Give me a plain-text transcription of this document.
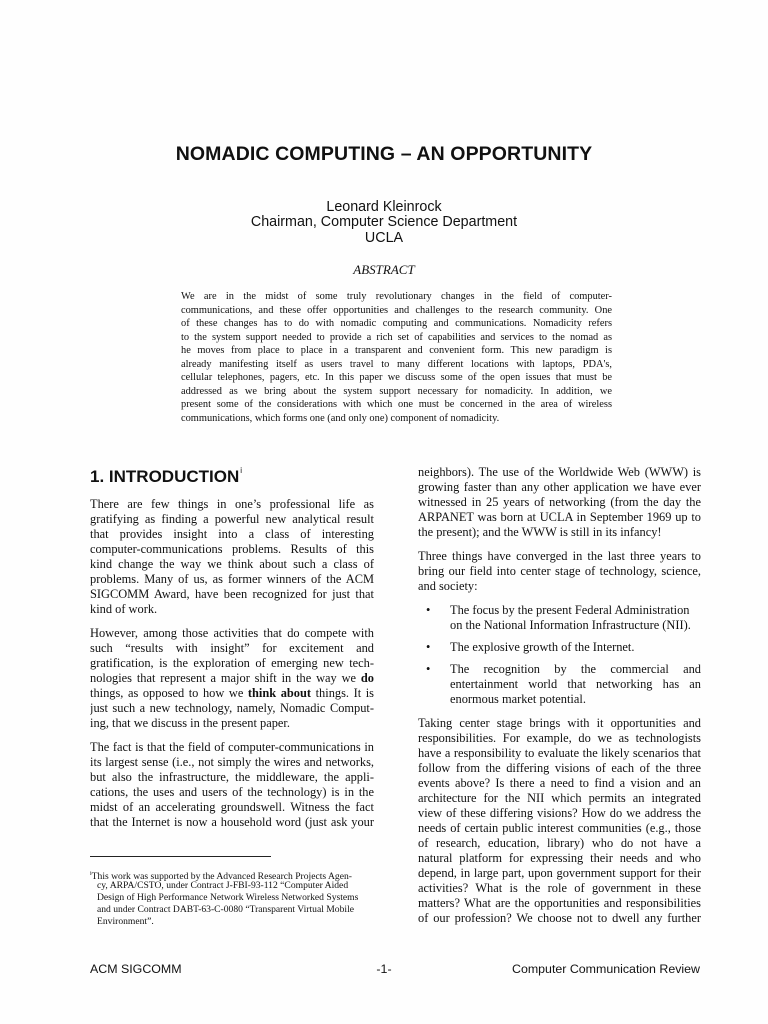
NOMADIC COMPUTING – AN OPPORTUNITY
Leonard Kleinrock
Chairman, Computer Science Department
UCLA
ABSTRACT
We are in the midst of some truly revolutionary changes in the field of computer-
communications, and these offer opportunities and challenges to the research community. One
of these changes has to do with nomadic computing and communications. Nomadicity refers
to the system support needed to provide a rich set of capabilities and services to the nomad as
he moves from place to place in a transparent and convenient form. This new paradigm is
already manifesting itself as users travel to many different locations with laptops, PDA's,
cellular telephones, pagers, etc. In this paper we discuss some of the open issues that must be
addressed as we bring about the system support necessary for nomadicity. In addition, we
present some of the considerations with which one must be concerned in the area of wireless
communications, which forms one (and only one) component of nomadicity.
1. INTRODUCTION$^i$
There are few things in one’s professional life as
gratifying as finding a powerful new analytical result
that provides insight into a class of interesting
computer-communications problems. Results of this
kind change the way we think about such a class of
problems. Many of us, as former winners of the ACM
SIGCOMM Award, have been recognized for just that
kind of work.
However, among those activities that do compete with
such “results with insight” for excitement and
gratification, is the exploration of emerging new tech-
nologies that represent a major shift in the way we do
things, as opposed to how we think about things. It is
just such a new technology, namely, Nomadic Comput-
ing, that we discuss in the present paper.
The fact is that the field of computer-communications in
its largest sense (i.e., not simply the wires and networks,
but also the infrastructure, the middleware, the appli-
cations, the uses and users of the technology) is in the
midst of an accelerating groundswell. Witness the fact
that the Internet is now a household word (just ask your
neighbors). The use of the Worldwide Web (WWW) is
growing faster than any other application we have ever
witnessed in 25 years of networking (from the day the
ARPANET was born at UCLA in September 1969 up to
the present); and the WWW is still in its infancy!
Three things have converged in the last three years to
bring our field into center stage of technology, science,
and society:
• The focus by the present Federal Administration
on the National Information Infrastructure (NII).
• The explosive growth of the Internet.
• The recognition by the commercial and
entertainment world that networking has an
enormous market potential.
Taking center stage brings with it opportunities and
responsibilities. For example, do we as technologists
have a responsibility to evaluate the likely scenarios that
follow from the differing visions of each of the three
events above? Is there a need to find a vision and an
architecture for the NII which permits an integrated
view of these differing visions? How do we address the
needs of certain public interest communities (e.g., those
of research, education, library) who do not have a
natural platform for expressing their needs and who
depend, in large part, upon government support for their
activities? What is the role of government in these
matters? What are the opportunities and responsibilities
of our profession? We choose not to dwell any further
$^i$This work was supported by the Advanced Research Projects Agen-
cy, ARPA/CSTO, under Contract J-FBI-93-112 “Computer Aided
Design of High Performance Network Wireless Networked Systems
and under Contract DABT-63-C-0080 “Transparent Virtual Mobile
Environment”.
ACM SIGCOMM	-1-	Computer Communication Review
